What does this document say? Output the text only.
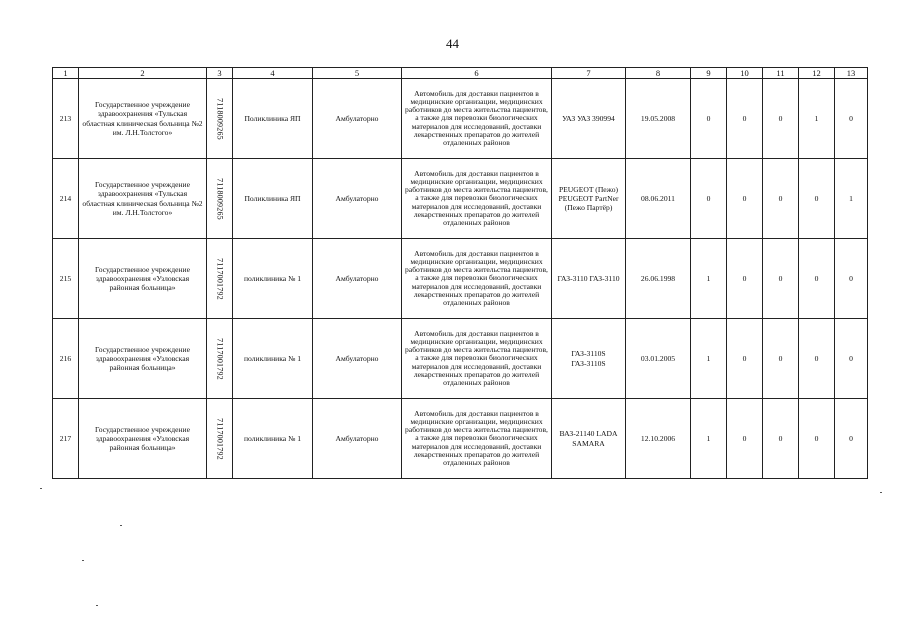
44
1	2	3	4	5	6	7	8	9	10	11	12	13
213	Государственное учреждение здравоохранения «Тульская областная клиническая больница №2 им. Л.Н.Толстого»	7118009265	Поликлиника ЯП	Амбулаторно	Автомобиль для доставки пациентов в медицинские организации, медицинских работников до места жительства пациентов, а также для перевозки биологических материалов для исследований, доставки лекарственных препаратов до жителей отдаленных районов	УАЗ УАЗ 390994	19.05.2008	0	0	0	1	0
214	Государственное учреждение здравоохранения «Тульская областная клиническая больница №2 им. Л.Н.Толстого»	7118009265	Поликлиника ЯП	Амбулаторно	Автомобиль для доставки пациентов в медицинские организации, медицинских работников до места жительства пациентов, а также для перевозки биологических материалов для исследований, доставки лекарственных препаратов до жителей отдаленных районов	PEUGEOT (Пежо) PEUGEOT PartNer (Пежо Партёр)	08.06.2011	0	0	0	0	1
215	Государственное учреждение здравоохранения «Узловская районная больница»	7117001792	поликлиника № 1	Амбулаторно	Автомобиль для доставки пациентов в медицинские организации, медицинских работников до места жительства пациентов, а также для перевозки биологических материалов для исследований, доставки лекарственных препаратов до жителей отдаленных районов	ГАЗ-3110 ГАЗ-3110	26.06.1998	1	0	0	0	0
216	Государственное учреждение здравоохранения «Узловская районная больница»	7117001792	поликлиника № 1	Амбулаторно	Автомобиль для доставки пациентов в медицинские организации, медицинских работников до места жительства пациентов, а также для перевозки биологических материалов для исследований, доставки лекарственных препаратов до жителей отдаленных районов	ГАЗ-3110S ГАЗ-3110S	03.01.2005	1	0	0	0	0
217	Государственное учреждение здравоохранения «Узловская районная больница»	7117001792	поликлиника № 1	Амбулаторно	Автомобиль для доставки пациентов в медицинские организации, медицинских работников до места жительства пациентов, а также для перевозки биологических материалов для исследований, доставки лекарственных препаратов до жителей отдаленных районов	ВАЗ-21140 LADA SAMARA	12.10.2006	1	0	0	0	0
